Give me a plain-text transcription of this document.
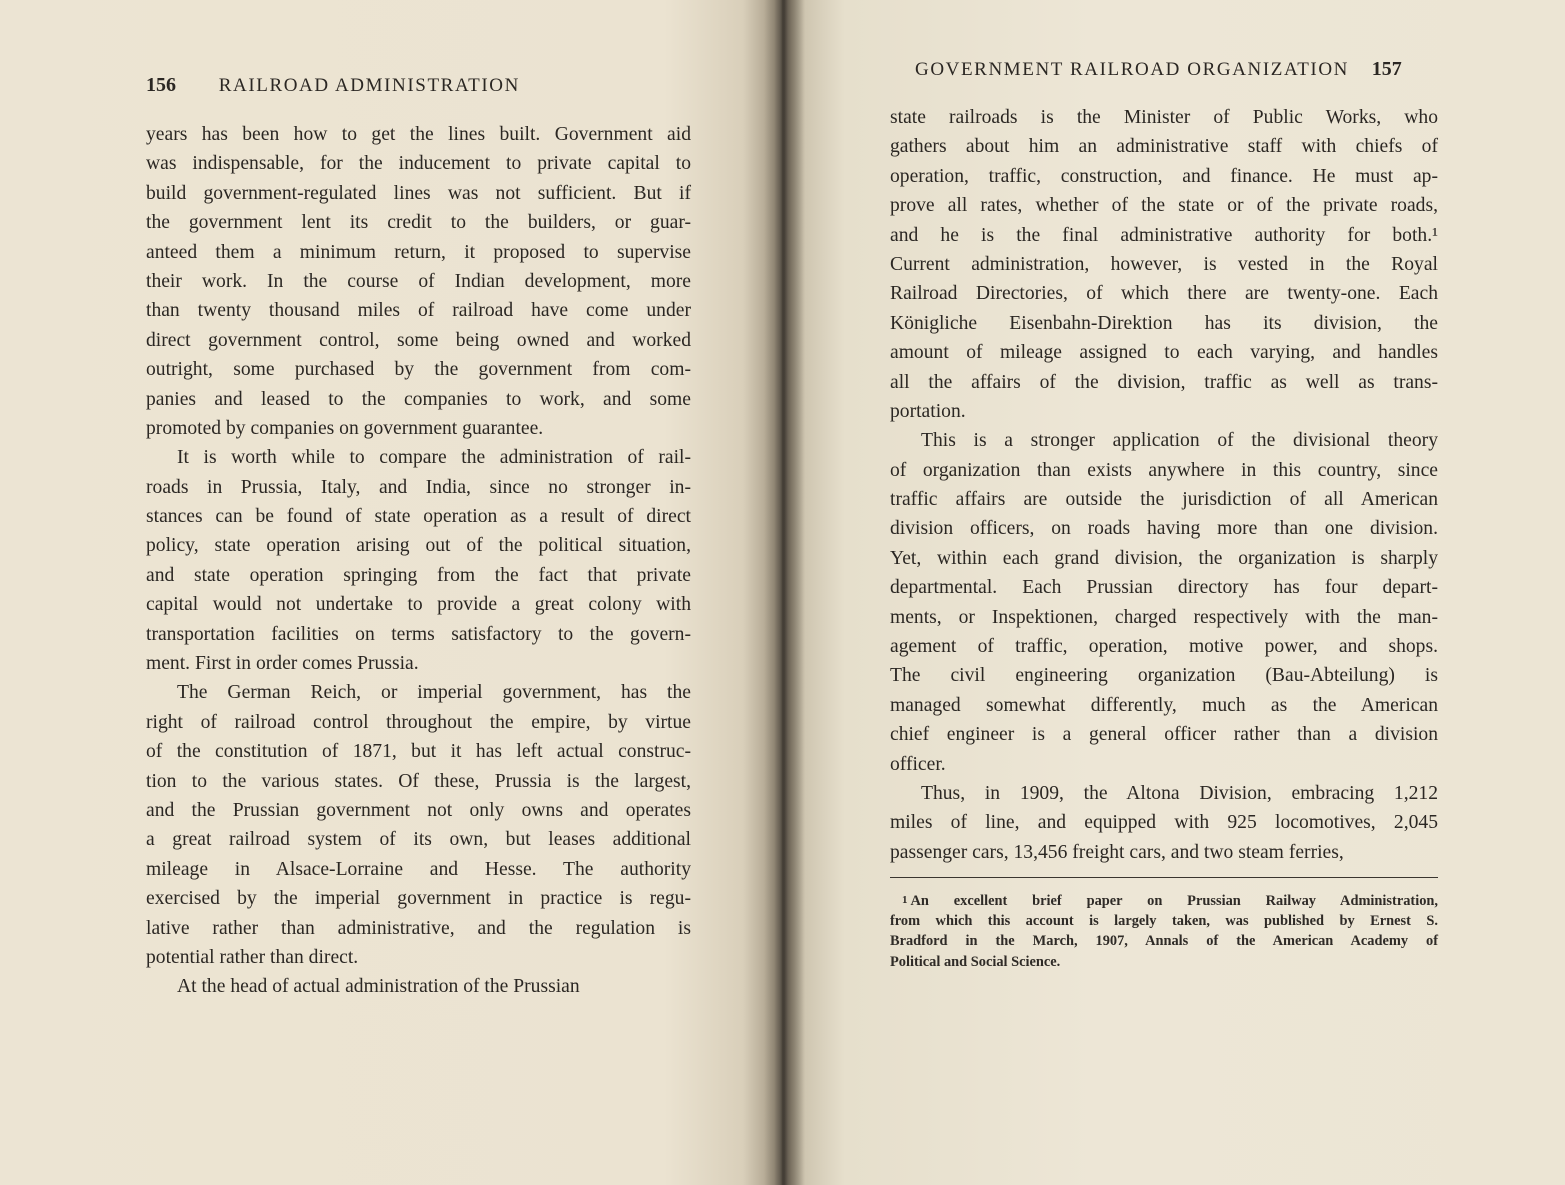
156 RAILROAD ADMINISTRATION
years has been how to get the lines built. Government aid
was indispensable, for the inducement to private capital to
build government-regulated lines was not sufficient. But if
the government lent its credit to the builders, or guar-
anteed them a minimum return, it proposed to supervise
their work. In the course of Indian development, more
than twenty thousand miles of railroad have come under
direct government control, some being owned and worked
outright, some purchased by the government from com-
panies and leased to the companies to work, and some
promoted by companies on government guarantee.
It is worth while to compare the administration of rail-
roads in Prussia, Italy, and India, since no stronger in-
stances can be found of state operation as a result of direct
policy, state operation arising out of the political situation,
and state operation springing from the fact that private
capital would not undertake to provide a great colony with
transportation facilities on terms satisfactory to the govern-
ment. First in order comes Prussia.
The German Reich, or imperial government, has the
right of railroad control throughout the empire, by virtue
of the constitution of 1871, but it has left actual construc-
tion to the various states. Of these, Prussia is the largest,
and the Prussian government not only owns and operates
a great railroad system of its own, but leases additional
mileage in Alsace-Lorraine and Hesse. The authority
exercised by the imperial government in practice is regu-
lative rather than administrative, and the regulation is
potential rather than direct.
At the head of actual administration of the Prussian
GOVERNMENT RAILROAD ORGANIZATION 157
state railroads is the Minister of Public Works, who
gathers about him an administrative staff with chiefs of
operation, traffic, construction, and finance. He must ap-
prove all rates, whether of the state or of the private roads,
and he is the final administrative authority for both.¹
Current administration, however, is vested in the Royal
Railroad Directories, of which there are twenty-one. Each
Königliche Eisenbahn-Direktion has its division, the
amount of mileage assigned to each varying, and handles
all the affairs of the division, traffic as well as trans-
portation.
This is a stronger application of the divisional theory
of organization than exists anywhere in this country, since
traffic affairs are outside the jurisdiction of all American
division officers, on roads having more than one division.
Yet, within each grand division, the organization is sharply
departmental. Each Prussian directory has four depart-
ments, or Inspektionen, charged respectively with the man-
agement of traffic, operation, motive power, and shops.
The civil engineering organization (Bau-Abteilung) is
managed somewhat differently, much as the American
chief engineer is a general officer rather than a division
officer.
Thus, in 1909, the Altona Division, embracing 1,212
miles of line, and equipped with 925 locomotives, 2,045
passenger cars, 13,456 freight cars, and two steam ferries,
1 An excellent brief paper on Prussian Railway Administration,
from which this account is largely taken, was published by Ernest S.
Bradford in the March, 1907, Annals of the American Academy of
Political and Social Science.
